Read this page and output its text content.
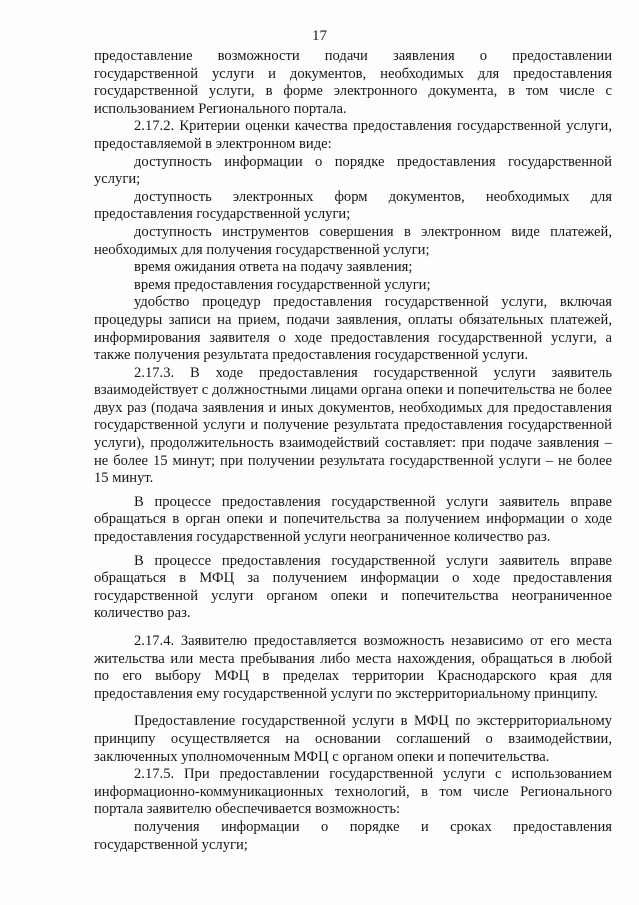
17

предоставление возможности подачи заявления о предоставлении государственной услуги и документов, необходимых для предоставления государственной услуги, в форме электронного документа, в том числе с использованием Регионального портала.

2.17.2. Критерии оценки качества предоставления государственной услуги, предоставляемой в электронном виде:

доступность информации о порядке предоставления государственной услуги;

доступность электронных форм документов, необходимых для предоставления государственной услуги;

доступность инструментов совершения в электронном виде платежей, необходимых для получения государственной услуги;

время ожидания ответа на подачу заявления;

время предоставления государственной услуги;

удобство процедур предоставления государственной услуги, включая процедуры записи на прием, подачи заявления, оплаты обязательных платежей, информирования заявителя о ходе предоставления государственной услуги, а также получения результата предоставления государственной услуги.

2.17.3. В ходе предоставления государственной услуги заявитель взаимодействует с должностными лицами органа опеки и попечительства не более двух раз (подача заявления и иных документов, необходимых для предоставления государственной услуги и получение результата предоставления государственной услуги), продолжительность взаимодействий составляет: при подаче заявления – не более 15 минут; при получении результата государственной услуги – не более 15 минут.

В процессе предоставления государственной услуги заявитель вправе обращаться в орган опеки и попечительства за получением информации о ходе предоставления государственной услуги неограниченное количество раз.

В процессе предоставления государственной услуги заявитель вправе обращаться в МФЦ за получением информации о ходе предоставления государственной услуги органом опеки и попечительства неограниченное количество раз.

2.17.4. Заявителю предоставляется возможность независимо от его места жительства или места пребывания либо места нахождения, обращаться в любой по его выбору МФЦ в пределах территории Краснодарского края для предоставления ему государственной услуги по экстерриториальному принципу.

Предоставление государственной услуги в МФЦ по экстерриториальному принципу осуществляется на основании соглашений о взаимодействии, заключенных уполномоченным МФЦ с органом опеки и попечительства.

2.17.5. При предоставлении государственной услуги с использованием информационно-коммуникационных технологий, в том числе Регионального портала заявителю обеспечивается возможность:

получения информации о порядке и сроках предоставления государственной услуги;
